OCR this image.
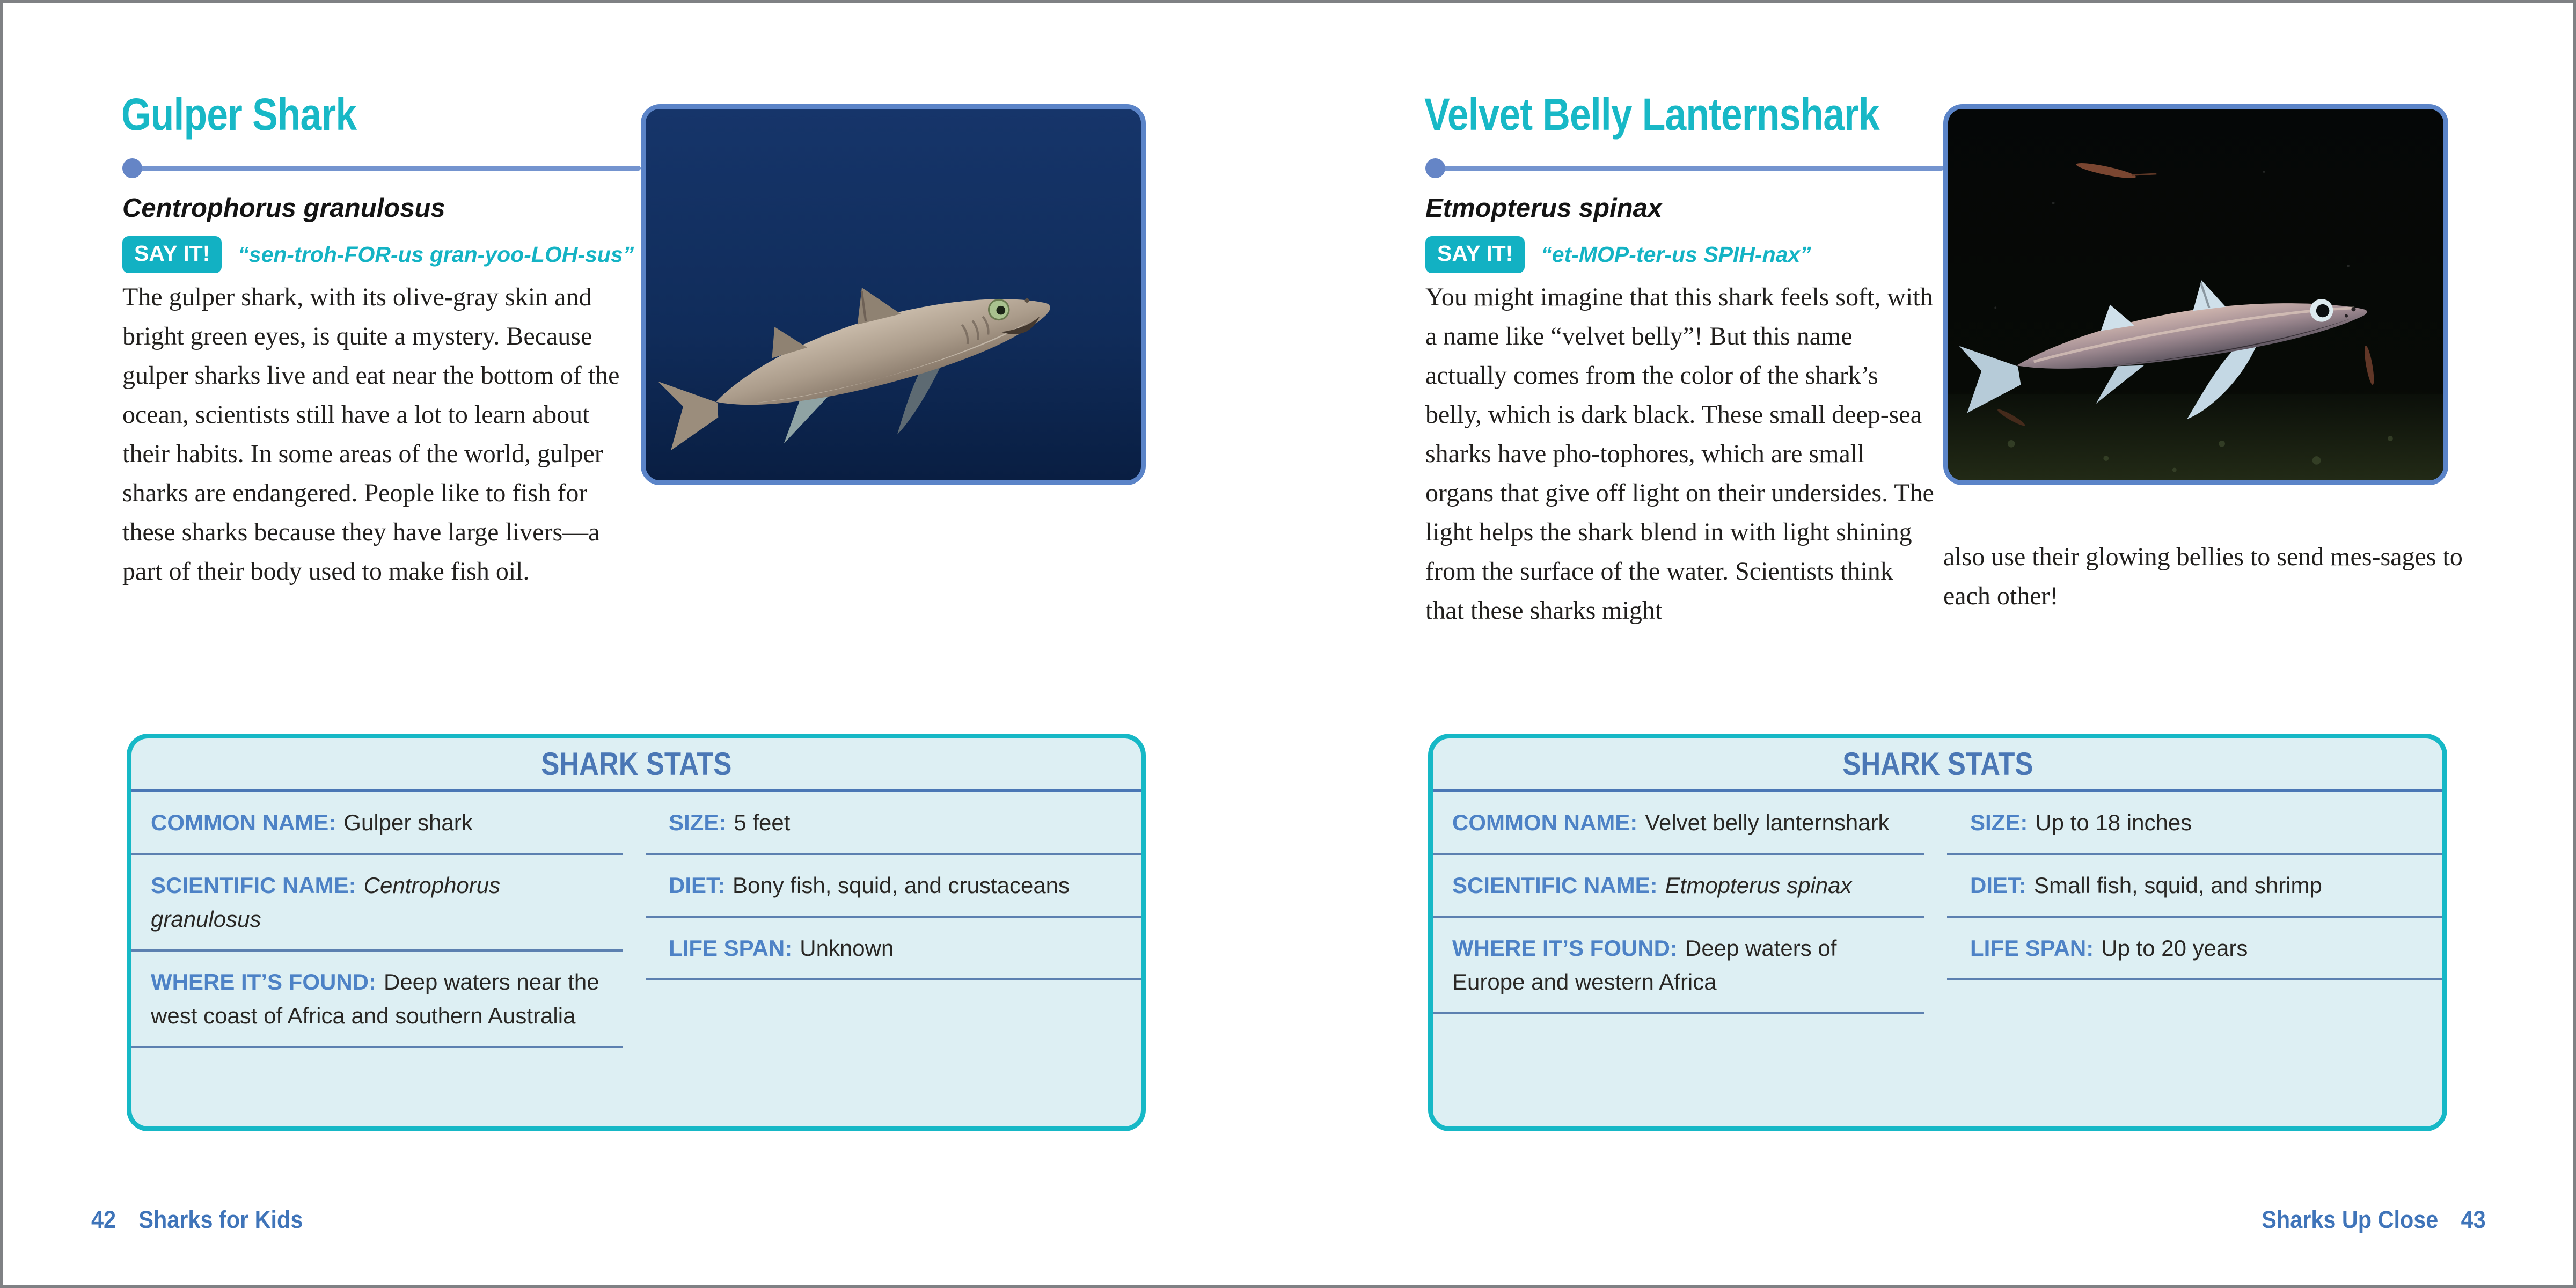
Gulper Shark
Centrophorus granulosus
SAY IT!	“sen-troh-FOR-us gran-yoo-LOH-sus”

The gulper shark, with its olive-gray skin and bright green eyes, is quite a mystery. Because gulper sharks live and eat near the bottom of the ocean, scientists still have a lot to learn about their habits. In some areas of the world, gulper sharks are endangered. People like to fish for these sharks because they have large livers—a part of their body used to make fish oil.

SHARK STATS

COMMON NAME: Gulper shark

SCIENTIFIC NAME: Centrophorus granulosus

WHERE IT’S FOUND: Deep waters near the west coast of Africa and southern Australia

SIZE: 5 feet

DIET: Bony fish, squid, and crustaceans

LIFE SPAN: Unknown

42 Sharks for Kids
Velvet Belly Lanternshark
Etmopterus spinax
SAY IT!	“et-MOP-ter-us SPIH-nax”

You might imagine that this shark feels soft, with a name like “velvet belly”! But this name actually comes from the color of the shark’s belly, which is dark black. These small deep-sea sharks have pho-tophores, which are small organs that give off light on their undersides. The light helps the shark blend in with light shining from the surface of the water. Scientists think that these sharks might

also use their glowing bellies to send mes-sages to each other!

SHARK STATS

COMMON NAME: Velvet belly lanternshark

SCIENTIFIC NAME: Etmopterus spinax

WHERE IT’S FOUND: Deep waters of Europe and western Africa

SIZE: Up to 18 inches

DIET: Small fish, squid, and shrimp

LIFE SPAN: Up to 20 years

Sharks Up Close 43
